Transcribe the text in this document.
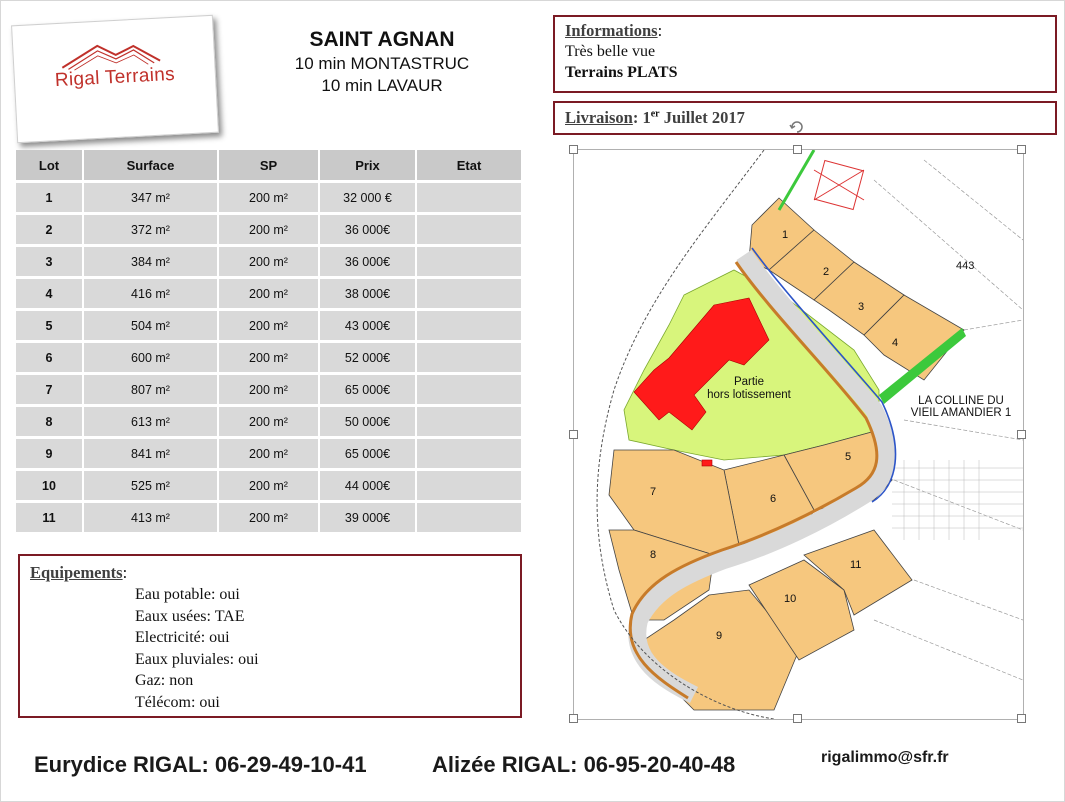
Rigal Terrains
SAINT AGNAN
10 min MONTASTRUC
10 min LAVAUR
Lot	Surface	SP	Prix	Etat
1	347 m²	200 m²	32 000 €	
2	372 m²	200 m²	36 000€	
3	384 m²	200 m²	36 000€	
4	416 m²	200 m²	38 000€	
5	504 m²	200 m²	43 000€	
6	600 m²	200 m²	52 000€	
7	807 m²	200 m²	65 000€	
8	613 m²	200 m²	50 000€	
9	841 m²	200 m²	65 000€	
10	525 m²	200 m²	44 000€	
11	413 m²	200 m²	39 000€	
Informations:
Très belle vue
Terrains PLATS
Livraison: 1er Juillet 2017
Equipements:
Eau potable: oui
Eaux usées: TAE
Electricité: oui
Eaux pluviales: oui
Gaz: non
Télécom: oui
1
2
3
4
5
6
7
8
9
10
11
443
Partie
hors lotissement	LA COLLINE DU
VIEIL AMANDIER 1
Eurydice RIGAL: 06-29-49-10-41	Alizée RIGAL: 06-95-20-40-48	rigalimmo@sfr.fr
